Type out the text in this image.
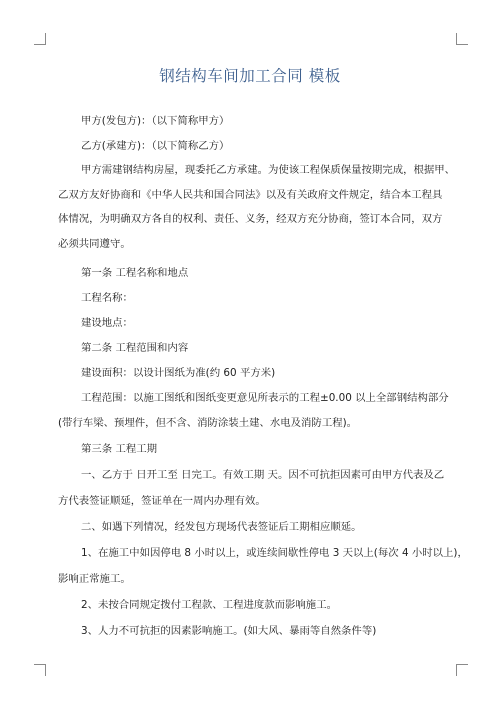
钢结构车间加工合同 模板
甲方(发包方)：（以下简称甲方）
乙方(承建方)：（以下简称乙方）
甲方需建钢结构房屋，现委托乙方承建。为使该工程保质保量按期完成，根据甲、
乙双方友好协商和《中华人民共和国合同法》以及有关政府文件规定，结合本工程具
体情况，为明确双方各自的权利、责任、义务，经双方充分协商，签订本合同，双方
必须共同遵守。
第一条 工程名称和地点
工程名称：
建设地点：
第二条 工程范围和内容
建设面积：以设计图纸为准(约 60 平方米)
工程范围：以施工图纸和图纸变更意见所表示的工程±0.00 以上全部钢结构部分
(带行车梁、预埋件，但不含、消防涂装土建、水电及消防工程)。
第三条 工程工期
一、乙方于 日开工至 日完工。有效工期 天。因不可抗拒因素可由甲方代表及乙
方代表签证顺延，签证单在一周内办理有效。
二、如遇下列情况，经发包方现场代表签证后工期相应顺延。
1、在施工中如因停电 8 小时以上，或连续间歇性停电 3 天以上(每次 4 小时以上)，
影响正常施工。
2、未按合同规定拨付工程款、工程进度款而影响施工。
3、人力不可抗拒的因素影响施工。(如大风、暴雨等自然条件等)
